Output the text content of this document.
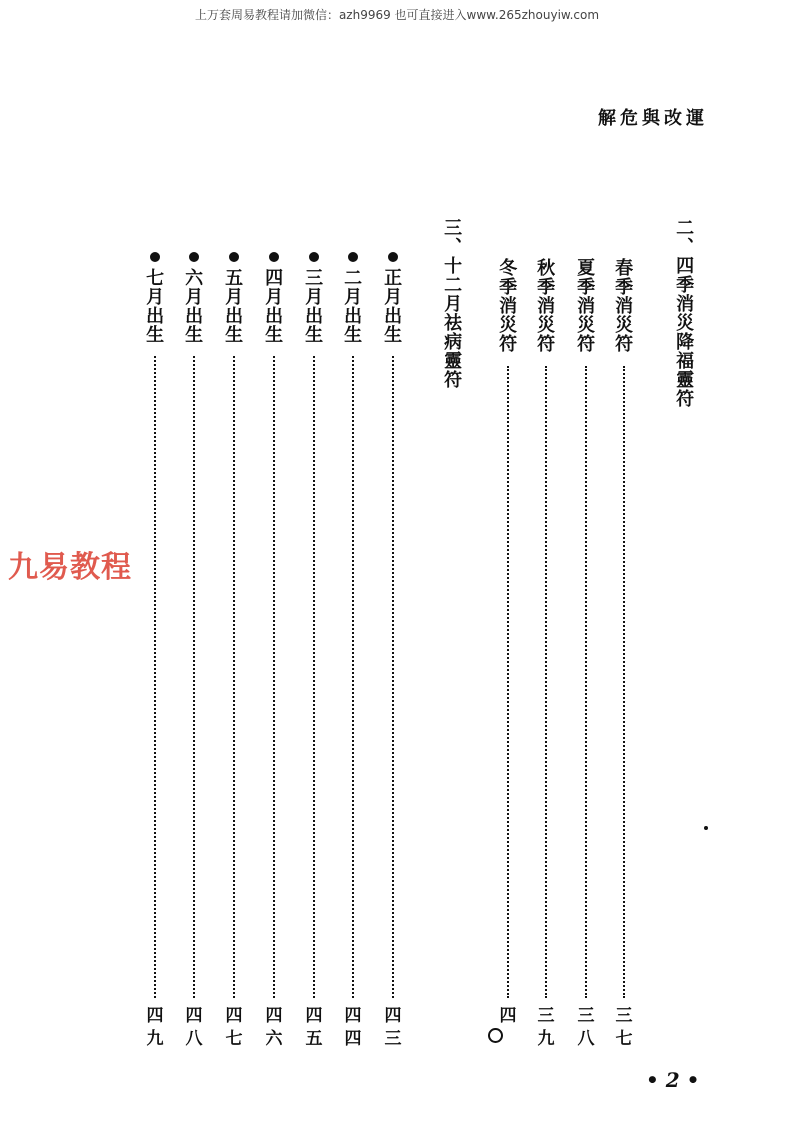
上万套周易教程请加微信：azh9969 也可直接进入www.265zhouyiw.com
解危與改運
二、四季消災降福靈符
春季消災符
三
七
夏季消災符
三
八
秋季消災符
三
九
冬季消災符
四
三、十二月祛病靈符
正月出生
四
三
二月出生
四
四
三月出生
四
五
四月出生
四
六
五月出生
四
七
六月出生
四
八
七月出生
四
九
九易教程
• 2 •
